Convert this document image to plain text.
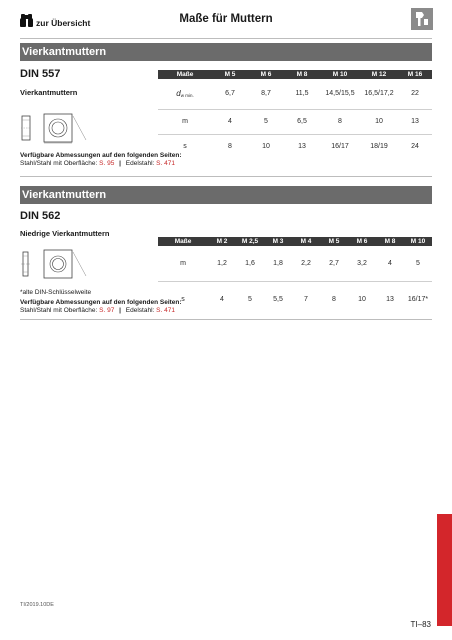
zur Übersicht	Maße für Muttern
Vierkantmuttern
DIN 557
Vierkantmuttern
Maße	M 5	M 6	M 8	M 10	M 12	M 16
dw min.	6,7	8,7	11,5	14,5/15,5	16,5/17,2	22
m	4	5	6,5	8	10	13
s	8	10	13	16/17	18/19	24
Verfügbare Abmessungen auf den folgenden Seiten:
Stahl/Stahl mit Oberfläche: S. 95 | Edelstahl: S. 471
Vierkantmuttern
DIN 562
Niedrige Vierkantmuttern
Maße	M 2	M 2,5	M 3	M 4	M 5	M 6	M 8	M 10
m	1,2	1,6	1,8	2,2	2,7	3,2	4	5
s	4	5	5,5	7	8	10	13	16/17*
*alte DIN-Schlüsselweite
Verfügbare Abmessungen auf den folgenden Seiten:
Stahl/Stahl mit Oberfläche: S. 97 | Edelstahl: S. 471
TI/2019.10DE
TI–83
